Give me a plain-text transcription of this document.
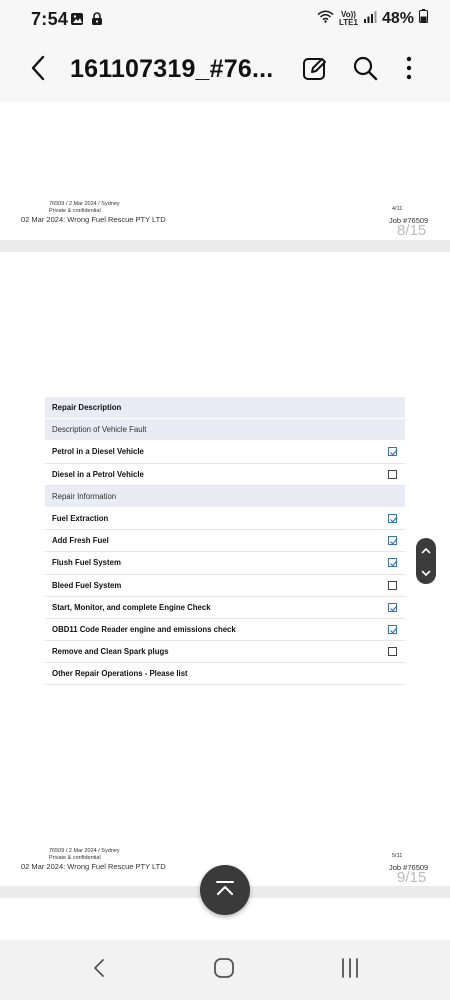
7:54	Vo))
LTE1 48%
161107319_#76...
76509 / 2 Mar 2024 / Sydney
Private & confidential
02 Mar 2024: Wrong Fuel Rescue PTY LTD
4/11
Job #76509
8/15
Repair Description
Description of Vehicle Fault
Petrol in a Diesel Vehicle
Diesel in a Petrol Vehicle
Repair Information
Fuel Extraction
Add Fresh Fuel
Flush Fuel System
Bleed Fuel System
Start, Monitor, and complete Engine Check
OBD11 Code Reader engine and emissions check
Remove and Clean Spark plugs
Other Repair Operations - Please list
76509 / 2 Mar 2024 / Sydney
Private & confidential
02 Mar 2024: Wrong Fuel Rescue PTY LTD
5/11
Job #76509
9/15
